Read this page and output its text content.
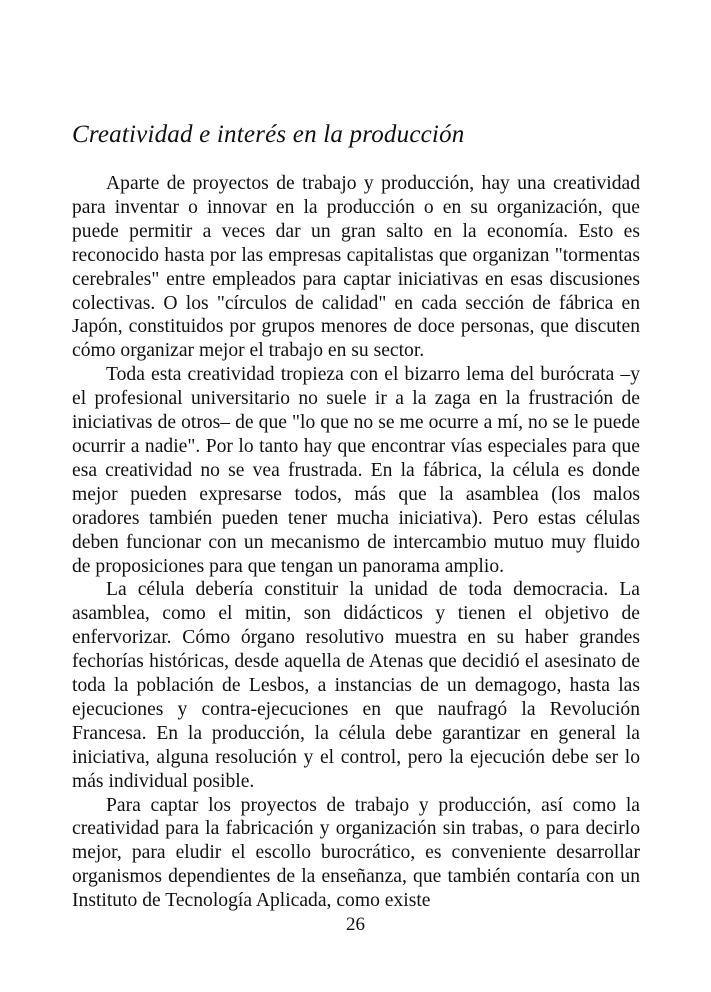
Creatividad e interés en la producción

Aparte de proyectos de trabajo y producción, hay una creatividad para inventar o innovar en la producción o en su organización, que puede permitir a veces dar un gran salto en la economía. Esto es reconocido hasta por las empresas capitalistas que organizan "tormentas cerebrales" entre empleados para captar iniciativas en esas discusiones colectivas. O los "círculos de calidad" en cada sección de fábrica en Japón, constituidos por grupos menores de doce personas, que discuten cómo organizar mejor el trabajo en su sector.

Toda esta creatividad tropieza con el bizarro lema del burócrata –y el profesional universitario no suele ir a la zaga en la frustración de iniciativas de otros– de que "lo que no se me ocurre a mí, no se le puede ocurrir a nadie". Por lo tanto hay que encontrar vías especiales para que esa creatividad no se vea frustrada. En la fábrica, la célula es donde mejor pueden expresarse todos, más que la asamblea (los malos oradores también pueden tener mucha iniciativa). Pero estas células deben funcionar con un mecanismo de intercambio mutuo muy fluido de proposiciones para que tengan un panorama amplio.

La célula debería constituir la unidad de toda democracia. La asamblea, como el mitin, son didácticos y tienen el objetivo de enfervorizar. Cómo órgano resolutivo muestra en su haber grandes fechorías históricas, desde aquella de Atenas que decidió el asesinato de toda la población de Lesbos, a instancias de un demagogo, hasta las ejecuciones y contra-ejecuciones en que naufragó la Revolución Francesa. En la producción, la célula debe garantizar en general la iniciativa, alguna resolución y el control, pero la ejecución debe ser lo más individual posible.

Para captar los proyectos de trabajo y producción, así como la creatividad para la fabricación y organización sin trabas, o para decirlo mejor, para eludir el escollo burocrático, es conveniente desarrollar organismos dependientes de la enseñanza, que también contaría con un Instituto de Tecnología Aplicada, como existe

26
